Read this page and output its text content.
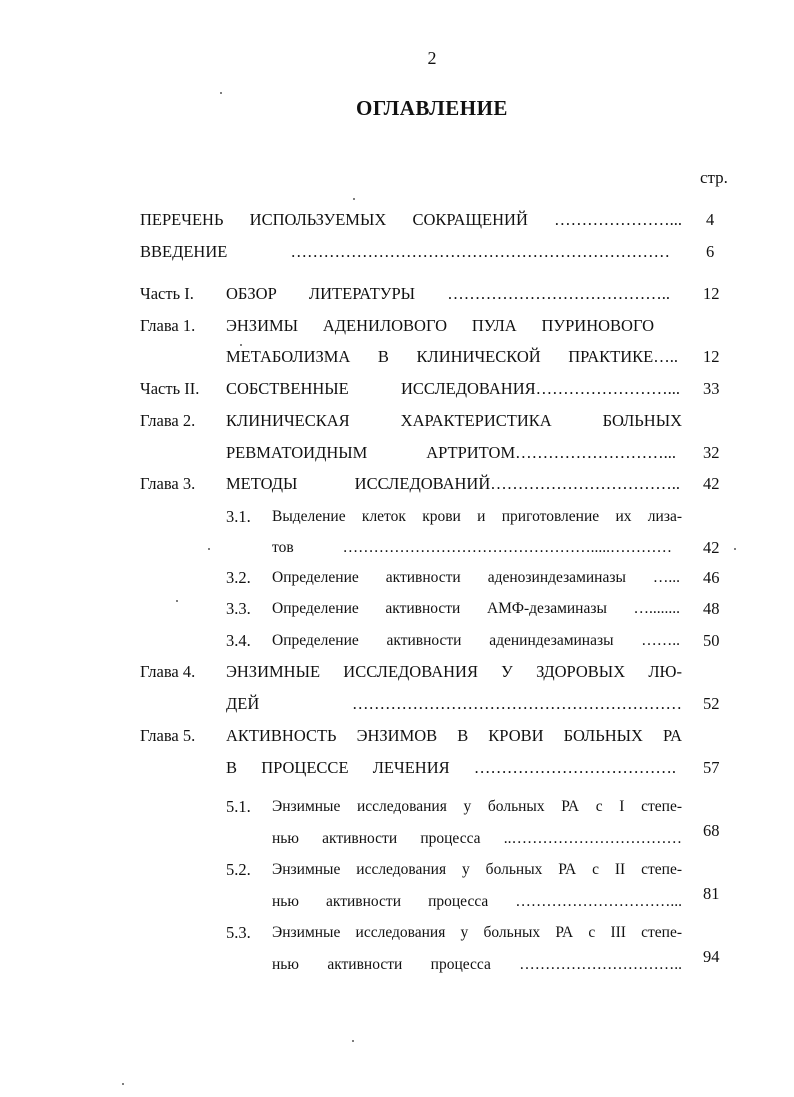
2
ОГЛАВЛЕНИЕ
стр.
ПЕРЕЧЕНЬ ИСПОЛЬЗУЕМЫХ СОКРАЩЕНИЙ …………………... 4
ВВЕДЕНИЕ …………………………………………………………… 6
Часть I. ОБЗОР ЛИТЕРАТУРЫ ………………………………….. 12
Глава 1. ЭНЗИМЫ АДЕНИЛОВОГО ПУЛА ПУРИНОВОГО
МЕТАБОЛИЗМА В КЛИНИЧЕСКОЙ ПРАКТИКЕ….. 12
Часть II. СОБСТВЕННЫЕ ИССЛЕДОВАНИЯ……………………... 33
Глава 2. КЛИНИЧЕСКАЯ ХАРАКТЕРИСТИКА БОЛЬНЫХ
РЕВМАТОИДНЫМ АРТРИТОМ………………………... 32
Глава 3. МЕТОДЫ ИССЛЕДОВАНИЙ…………………………….. 42
3.1. Выделение клеток крови и приготовление их лиза-
тов ………………………………………….....………… 42
3.2. Определение активности аденозиндезаминазы …... 46
3.3. Определение активности АМФ-дезаминазы …........ 48
3.4. Определение активности адениндезаминазы …….. 50
Глава 4. ЭНЗИМНЫЕ ИССЛЕДОВАНИЯ У ЗДОРОВЫХ ЛЮ-
ДЕЙ …………………………………………………… 52
Глава 5. АКТИВНОСТЬ ЭНЗИМОВ В КРОВИ БОЛЬНЫХ РА
В ПРОЦЕССЕ ЛЕЧЕНИЯ ………………………………. 57
5.1. Энзимные исследования у больных РА с I степе-
нью активности процесса ..…………………………… 68
5.2. Энзимные исследования у больных РА с II степе-
нью активности процесса …………………………... 81
5.3. Энзимные исследования у больных РА с III степе-
нью активности процесса ………………………….. 94
